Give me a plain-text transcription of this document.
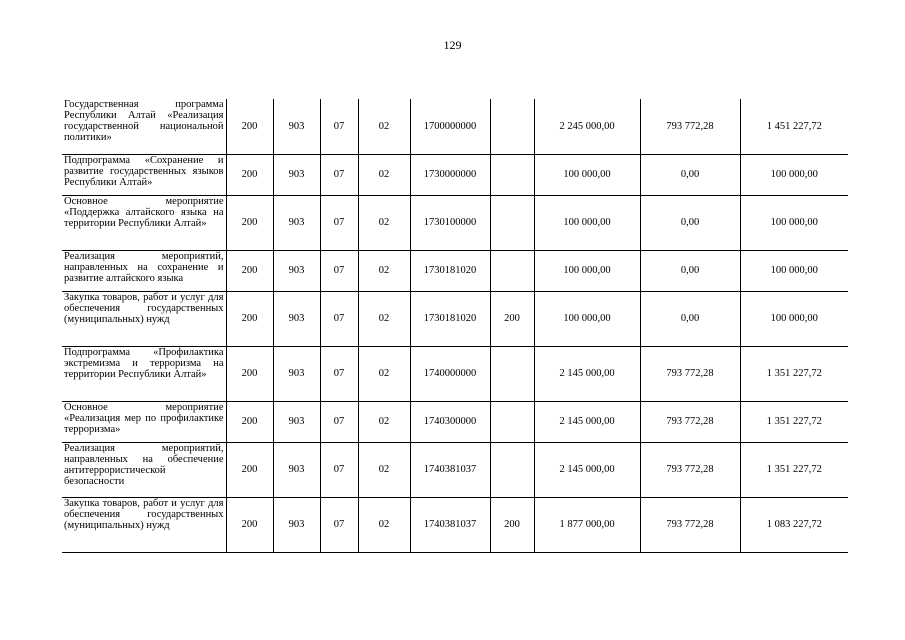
129
Государственная программа Республики Алтай «Реализация государственной национальной политики»	200	903	07	02	1700000000		2 245 000,00	793 772,28	1 451 227,72
Подпрограмма «Сохранение и развитие государственных языков Республики Алтай»	200	903	07	02	1730000000		100 000,00	0,00	100 000,00
Основное мероприятие «Поддержка алтайского языка на территории Республики Алтай»	200	903	07	02	1730100000		100 000,00	0,00	100 000,00
Реализация мероприятий, направленных на сохранение и развитие алтайского языка	200	903	07	02	1730181020		100 000,00	0,00	100 000,00
Закупка товаров, работ и услуг для обеспечения государственных (муниципальных) нужд	200	903	07	02	1730181020	200	100 000,00	0,00	100 000,00
Подпрограмма «Профилактика экстремизма и терроризма на территории Республики Алтай»	200	903	07	02	1740000000		2 145 000,00	793 772,28	1 351 227,72
Основное мероприятие «Реализация мер по профилактике терроризма»	200	903	07	02	1740300000		2 145 000,00	793 772,28	1 351 227,72
Реализация мероприятий, направленных на обеспечение антитеррористической безопасности	200	903	07	02	1740381037		2 145 000,00	793 772,28	1 351 227,72
Закупка товаров, работ и услуг для обеспечения государственных (муниципальных) нужд	200	903	07	02	1740381037	200	1 877 000,00	793 772,28	1 083 227,72
